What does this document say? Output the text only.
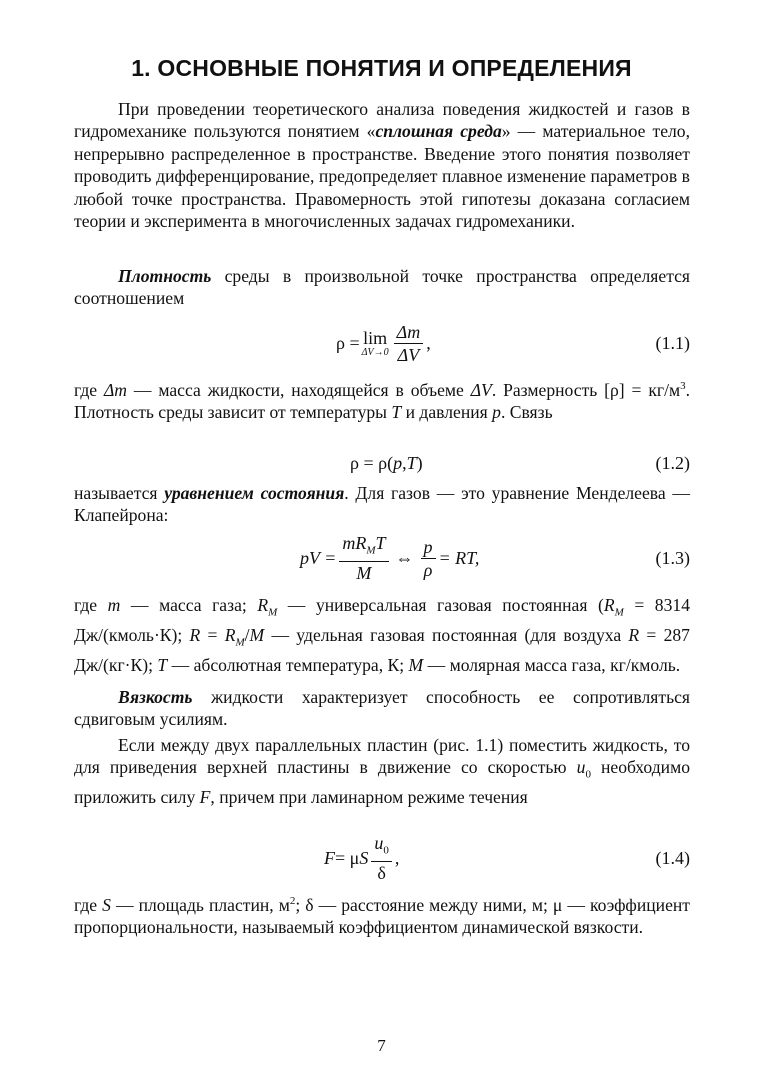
1. ОСНОВНЫЕ ПОНЯТИЯ И ОПРЕДЕЛЕНИЯ
При проведении теоретического анализа поведения жидкостей и газов в гидромеханике пользуются понятием «сплошная среда» — материальное тело, непрерывно распределенное в пространстве. Введение этого понятия позволяет проводить дифференцирование, предопределяет плавное изменение параметров в любой точке пространства. Правомерность этой гипотезы доказана согласием теории и эксперимента в многочисленных задачах гидромеханики.
Плотность среды в произвольной точке пространства определяется соотношением
ρ = lim
$\Delta V\to 0 \frac{\Delta m}{\Delta V}$ ,	(1.1)
где Δm — масса жидкости, находящейся в объеме ΔV. Размерность $[\rho] = кг/м^3$. Плотность среды зависит от температуры T и давления p. Связь
ρ = ρ( p , T )	(1.2)
называется уравнением состояния. Для газов — это уравнение Менделеева — Клапейрона:
pV = $\frac{mR_MT}{M}$ ⇔ $\frac{p}{\rho}$ = RT,	(1.3)
где m — масса газа; $R_M$ — универсальная газовая постоянная ($R_M = 8314$ Дж/(кмоль·К); $R = R_M/M$ — удельная газовая постоянная (для воздуха R = 287 Дж/(кг·К); T — абсолютная температура, К; M — молярная масса газа, кг/кмоль.
Вязкость жидкости характеризует способность ее сопротивляться сдвиговым усилиям.
Если между двух параллельных пластин (рис. 1.1) поместить жидкость, то для приведения верхней пластины в движение со скоростью $u_0$ необходимо приложить силу F, причем при ламинарном режиме течения
F = μ S $\frac{u_0}{\delta}$ ,	(1.4)
где S — площадь пластин, $м^2$; δ — расстояние между ними, м; μ — коэффициент пропорциональности, называемый коэффициентом динамической вязкости.
7
